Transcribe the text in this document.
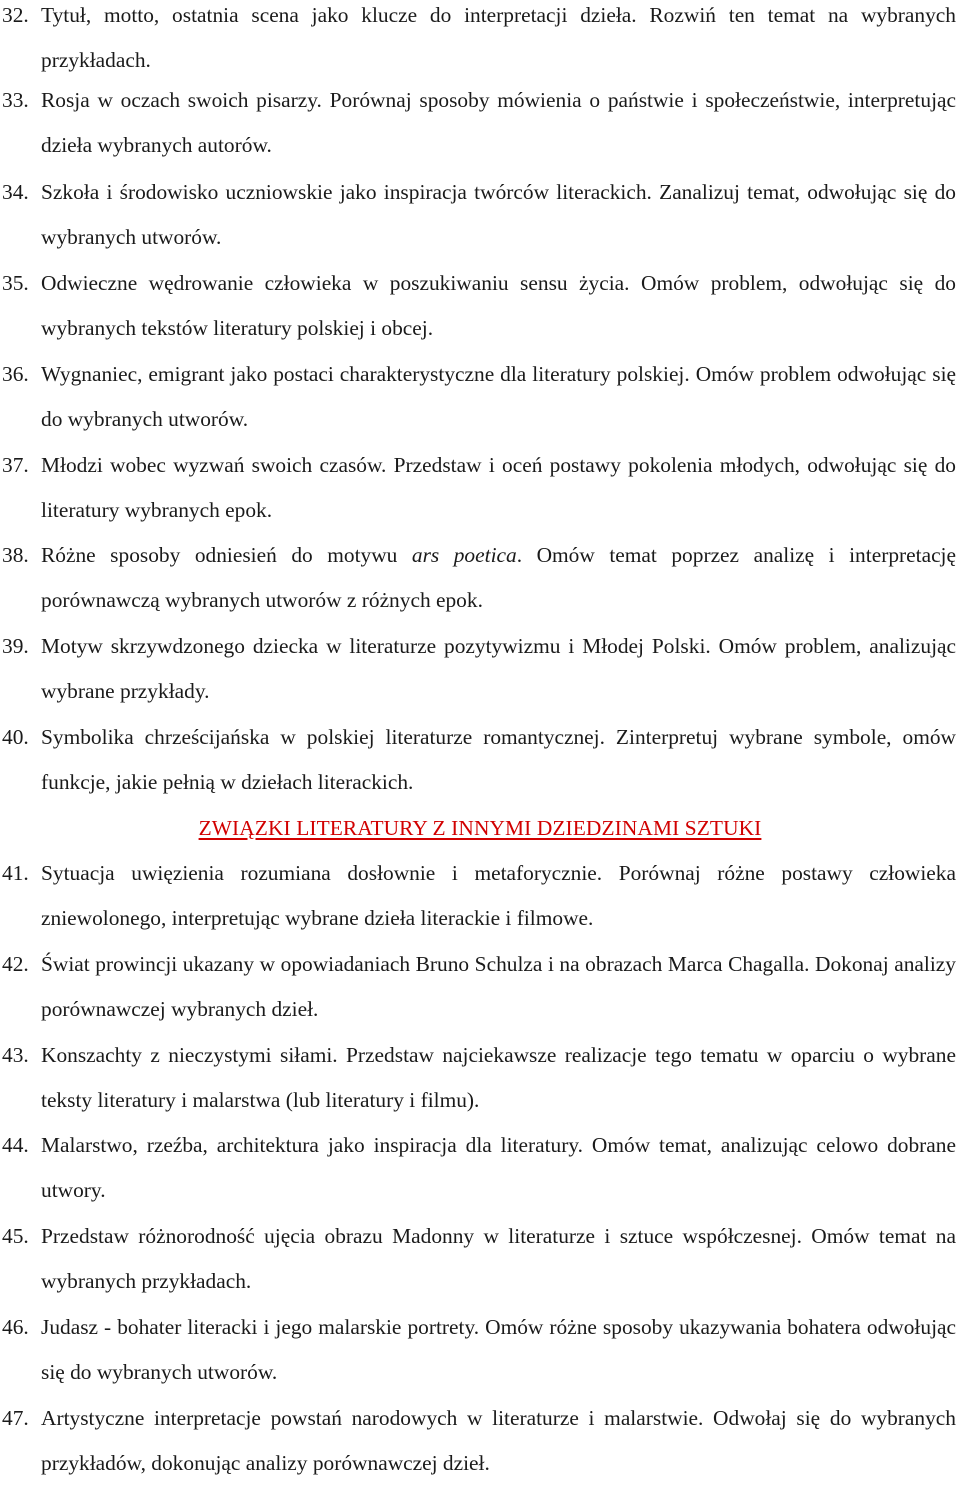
32. Tytuł, motto, ostatnia scena jako klucze do interpretacji dzieła. Rozwiń ten temat na wybranych przykładach.
33. Rosja w oczach swoich pisarzy. Porównaj sposoby mówienia o państwie i społeczeństwie, interpretując dzieła wybranych autorów.
34. Szkoła i środowisko uczniowskie jako inspiracja twórców literackich. Zanalizuj temat, odwołując się do wybranych utworów.
35. Odwieczne wędrowanie człowieka w poszukiwaniu sensu życia. Omów problem, odwołując się do wybranych tekstów literatury polskiej i obcej.
36. Wygnaniec, emigrant jako postaci charakterystyczne dla literatury polskiej. Omów problem odwołując się do wybranych utworów.
37. Młodzi wobec wyzwań swoich czasów. Przedstaw i oceń postawy pokolenia młodych, odwołując się do literatury wybranych epok.
38. Różne sposoby odniesień do motywu ars poetica. Omów temat poprzez analizę i interpretację porównawczą wybranych utworów z różnych epok.
39. Motyw skrzywdzonego dziecka w literaturze pozytywizmu i Młodej Polski. Omów problem, analizując wybrane przykłady.
40. Symbolika chrześcijańska w polskiej literaturze romantycznej. Zinterpretuj wybrane symbole, omów funkcje, jakie pełnią w dziełach literackich.
ZWIĄZKI LITERATURY Z INNYMI DZIEDZINAMI SZTUKI
41. Sytuacja uwięzienia rozumiana dosłownie i metaforycznie. Porównaj różne postawy człowieka zniewolonego, interpretując wybrane dzieła literackie i filmowe.
42. Świat prowincji ukazany w opowiadaniach Bruno Schulza i na obrazach Marca Chagalla. Dokonaj analizy porównawczej wybranych dzieł.
43. Konszachty z nieczystymi siłami. Przedstaw najciekawsze realizacje tego tematu w oparciu o wybrane teksty literatury i malarstwa (lub literatury i filmu).
44. Malarstwo, rzeźba, architektura jako inspiracja dla literatury. Omów temat, analizując celowo dobrane utwory.
45. Przedstaw różnorodność ujęcia obrazu Madonny w literaturze i sztuce współczesnej. Omów temat na wybranych przykładach.
46. Judasz - bohater literacki i jego malarskie portrety. Omów różne sposoby ukazywania bohatera odwołując się do wybranych utworów.
47. Artystyczne interpretacje powstań narodowych w literaturze i malarstwie. Odwołaj się do wybranych przykładów, dokonując analizy porównawczej dzieł.
